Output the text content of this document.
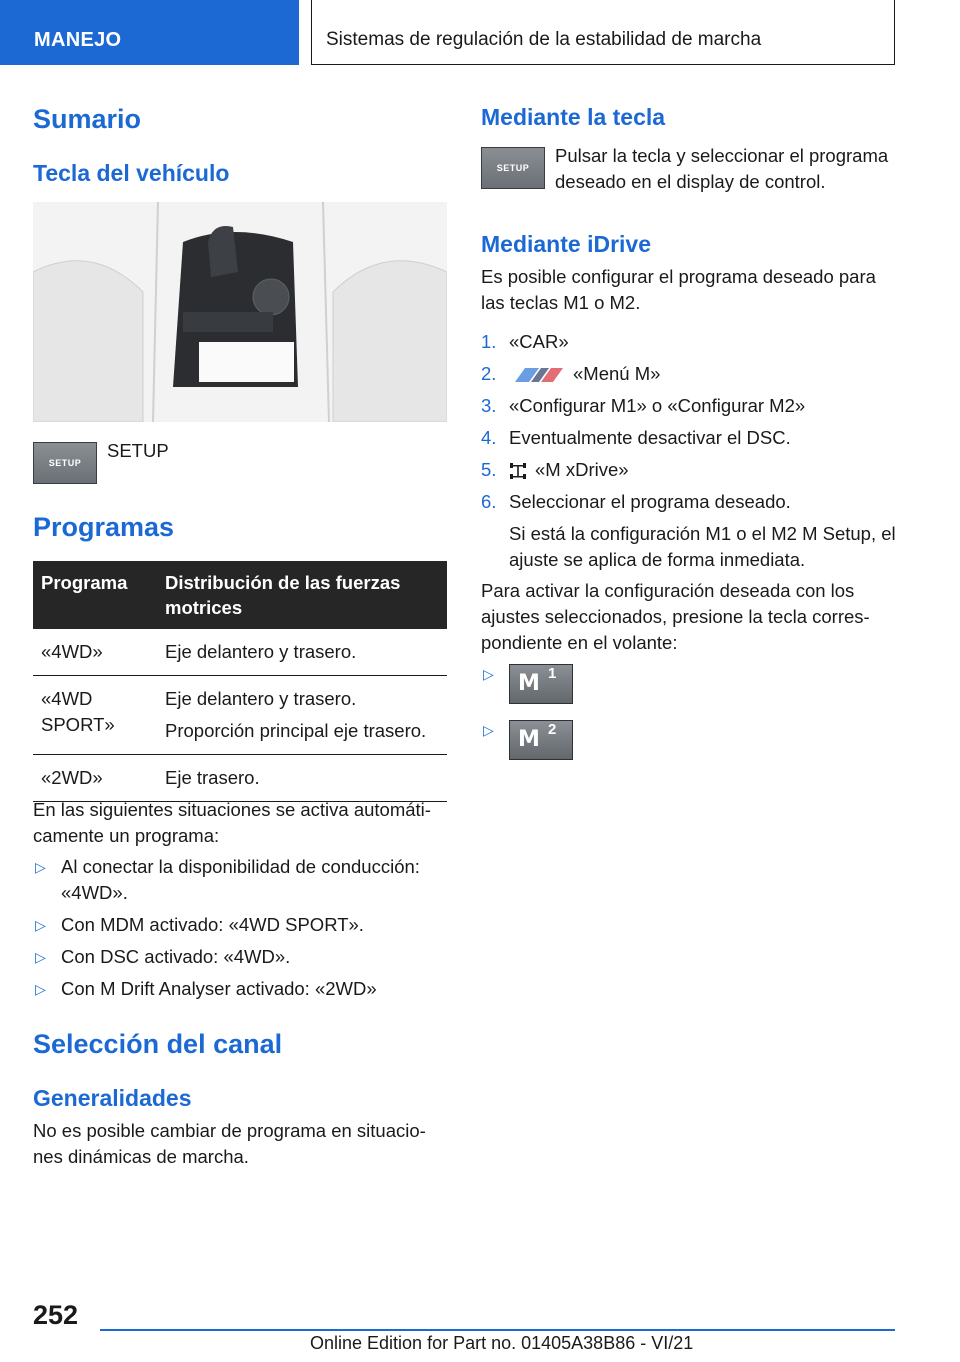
MANEJO	Sistemas de regulación de la estabilidad de marcha
Sumario
Tecla del vehículo
SETUP
SETUP
Programas
Programa	Distribución de las fuerzas motrices
«4WD»	Eje delantero y trasero.
«4WD SPORT»	Eje delantero y trasero.
Proporción principal eje trasero.

«2WD»	Eje trasero.
En las siguientes situaciones se activa automáti-camente un programa:
▷ Al conectar la disponibilidad de conducción: «4WD».
▷ Con MDM activado: «4WD SPORT».
▷ Con DSC activado: «4WD».
▷ Con M Drift Analyser activado: «2WD»
Selección del canal
Generalidades
No es posible cambiar de programa en situacio-nes dinámicas de marcha.
Mediante la tecla
SETUP
Pulsar la tecla y seleccionar el programa deseado en el display de control.
Mediante iDrive
Es posible configurar el programa deseado para las teclas M1 o M2.
1. «CAR»
2.	«Menú M»
3. «Configurar M1» o «Configurar M2»
4. Eventualmente desactivar el DSC.
5. «M xDrive»
6. Seleccionar el programa deseado.
Si está la configuración M1 o el M2 M Setup, el ajuste se aplica de forma inmediata.
Para activar la configuración deseada con los ajustes seleccionados, presione la tecla corres-pondiente en el volante:
▷ M 1
▷ M 2
252
Online Edition for Part no. 01405A38B86 - VI/21
